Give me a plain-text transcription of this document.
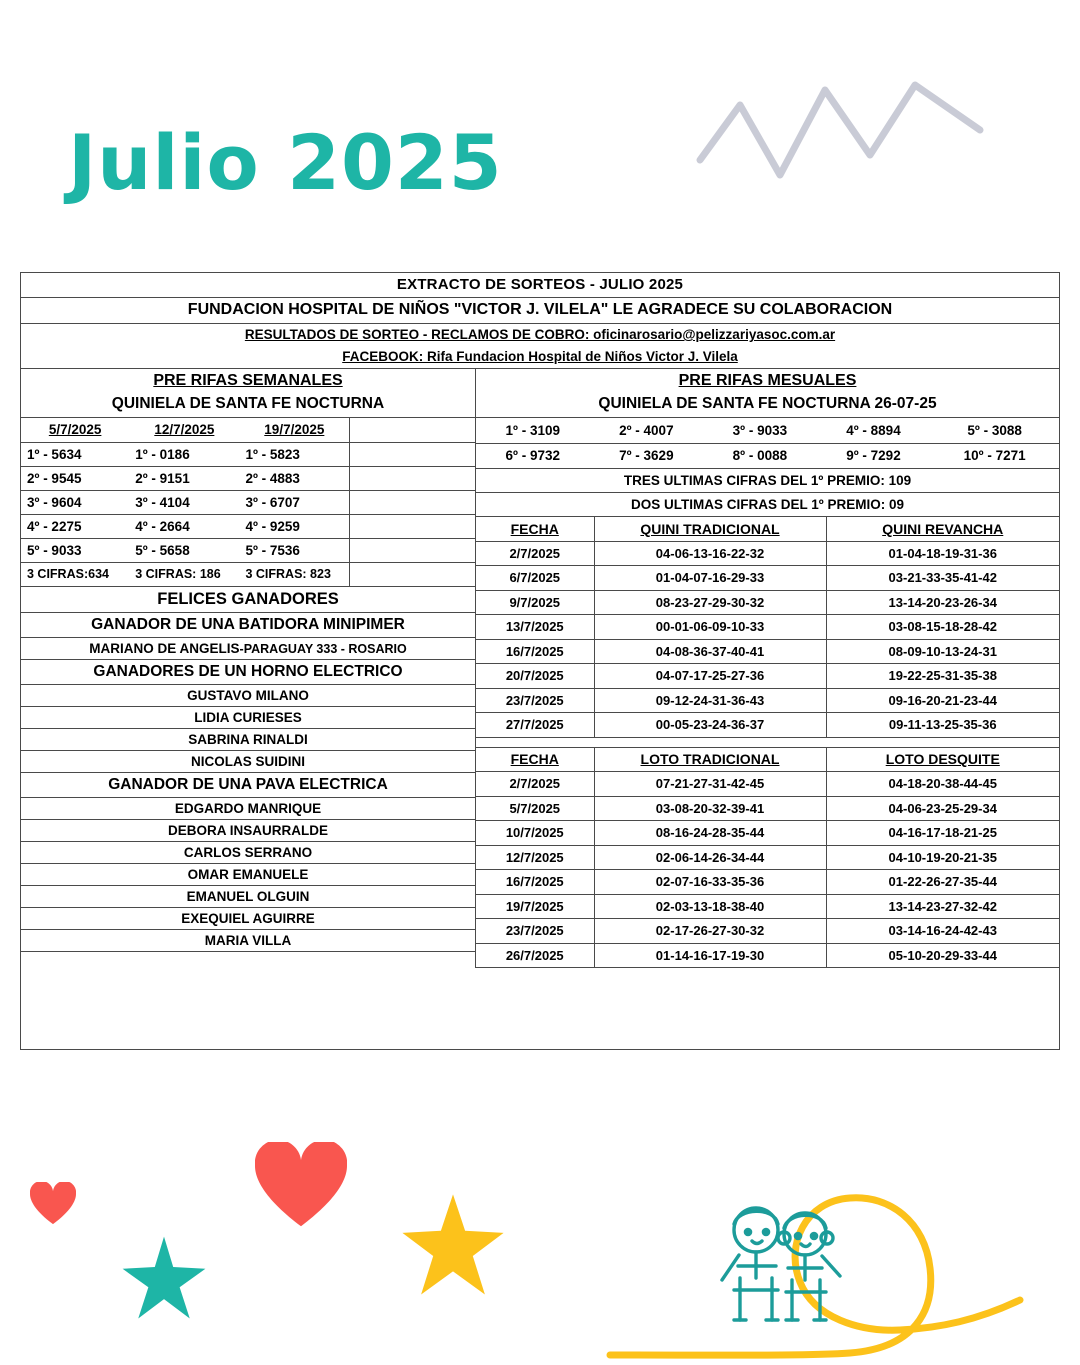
Julio 2025
EXTRACTO DE SORTEOS - JULIO 2025
FUNDACION HOSPITAL DE NIÑOS "VICTOR J. VILELA" LE AGRADECE SU COLABORACION
RESULTADOS DE SORTEO - RECLAMOS DE COBRO: oficinarosario@pelizzariyasoc.com.ar
FACEBOOK: Rifa Fundacion Hospital de Niños Victor J. Vilela
PRE RIFAS SEMANALES
QUINIELA DE SANTA FE NOCTURNA
5/7/2025	12/7/2025	19/7/2025	
1º - 5634	1º - 0186	1º - 5823	
2º - 9545	2º - 9151	2º - 4883	
3º - 9604	3º - 4104	3º - 6707	
4º - 2275	4º - 2664	4º - 9259	
5º - 9033	5º - 5658	5º - 7536	
3 CIFRAS:634	3 CIFRAS: 186	3 CIFRAS: 823	
FELICES GANADORES
GANADOR DE UNA BATIDORA MINIPIMER
MARIANO DE ANGELIS-PARAGUAY 333 - ROSARIO
GANADORES DE UN HORNO ELECTRICO
GUSTAVO MILANO
LIDIA CURIESES
SABRINA RINALDI
NICOLAS SUIDINI
GANADOR DE UNA PAVA ELECTRICA
EDGARDO MANRIQUE
DEBORA INSAURRALDE
CARLOS SERRANO
OMAR EMANUELE
EMANUEL OLGUIN
EXEQUIEL AGUIRRE
MARIA VILLA
PRE RIFAS MESUALES
QUINIELA DE SANTA FE NOCTURNA 26-07-25
1º - 3109	2º - 4007	3º - 9033	4º - 8894	5º - 3088
6º - 9732	7º - 3629	8º - 0088	9º - 7292	10º - 7271
TRES ULTIMAS CIFRAS DEL 1º PREMIO: 109
DOS ULTIMAS CIFRAS DEL 1º PREMIO: 09
FECHA	QUINI TRADICIONAL	QUINI REVANCHA
2/7/2025	04-06-13-16-22-32	01-04-18-19-31-36
6/7/2025	01-04-07-16-29-33	03-21-33-35-41-42
9/7/2025	08-23-27-29-30-32	13-14-20-23-26-34
13/7/2025	00-01-06-09-10-33	03-08-15-18-28-42
16/7/2025	04-08-36-37-40-41	08-09-10-13-24-31
20/7/2025	04-07-17-25-27-36	19-22-25-31-35-38
23/7/2025	09-12-24-31-36-43	09-16-20-21-23-44
27/7/2025	00-05-23-24-36-37	09-11-13-25-35-36
FECHA	LOTO TRADICIONAL	LOTO DESQUITE
2/7/2025	07-21-27-31-42-45	04-18-20-38-44-45
5/7/2025	03-08-20-32-39-41	04-06-23-25-29-34
10/7/2025	08-16-24-28-35-44	04-16-17-18-21-25
12/7/2025	02-06-14-26-34-44	04-10-19-20-21-35
16/7/2025	02-07-16-33-35-36	01-22-26-27-35-44
19/7/2025	02-03-13-18-38-40	13-14-23-27-32-42
23/7/2025	02-17-26-27-30-32	03-14-16-24-42-43
26/7/2025	01-14-16-17-19-30	05-10-20-29-33-44
